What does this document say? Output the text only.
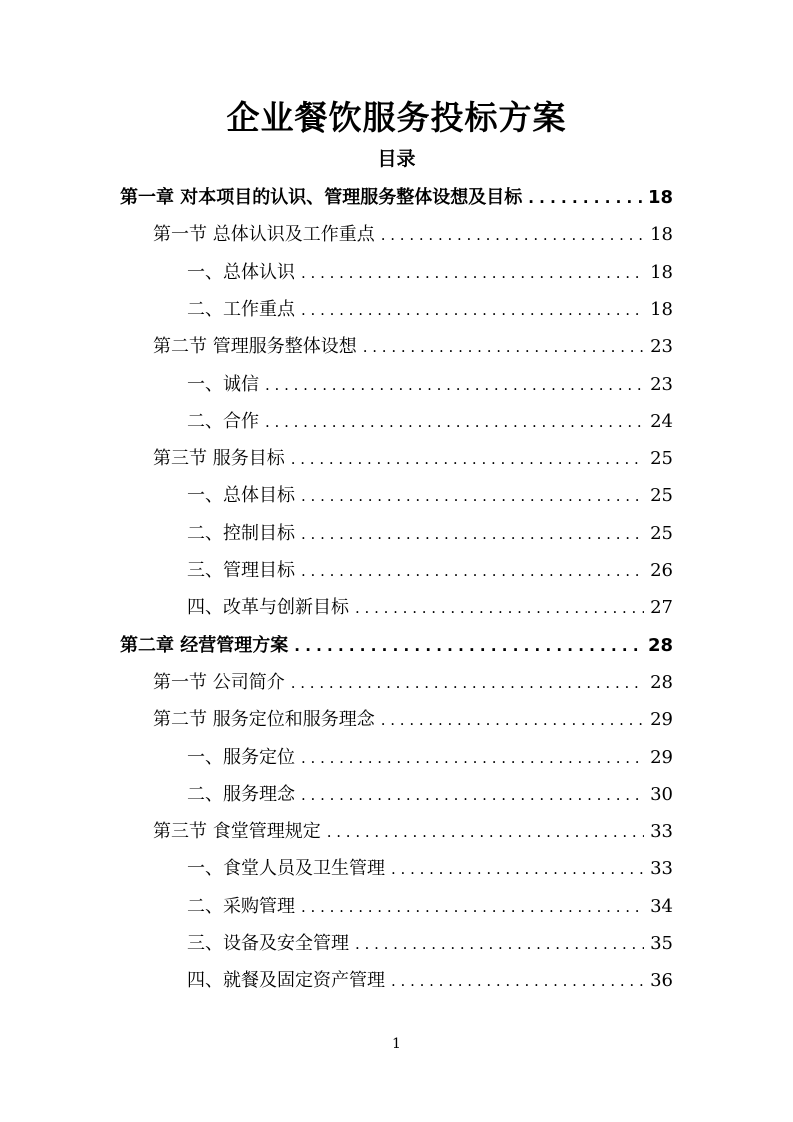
企业餐饮服务投标方案
目录
第一章 对本项目的认识、管理服务整体设想及目标 . . .	18
第一节 总体认识及工作重点 . . .	18
一、总体认识 . . .	18
二、工作重点 . . .	18
第二节 管理服务整体设想 . . .	23
一、诚信 . . .	23
二、合作 . . .	24
第三节 服务目标 . . .	25
一、总体目标 . . .	25
二、控制目标 . . .	25
三、管理目标 . . .	26
四、改革与创新目标 . . .	27
第二章 经营管理方案 . . .	28
第一节 公司简介 . . .	28
第二节 服务定位和服务理念 . . .	29
一、服务定位 . . .	29
二、服务理念 . . .	30
第三节 食堂管理规定 . . .	33
一、食堂人员及卫生管理 . . .	33
二、采购管理 . . .	34
三、设备及安全管理 . . .	35
四、就餐及固定资产管理 . . .	36
1
